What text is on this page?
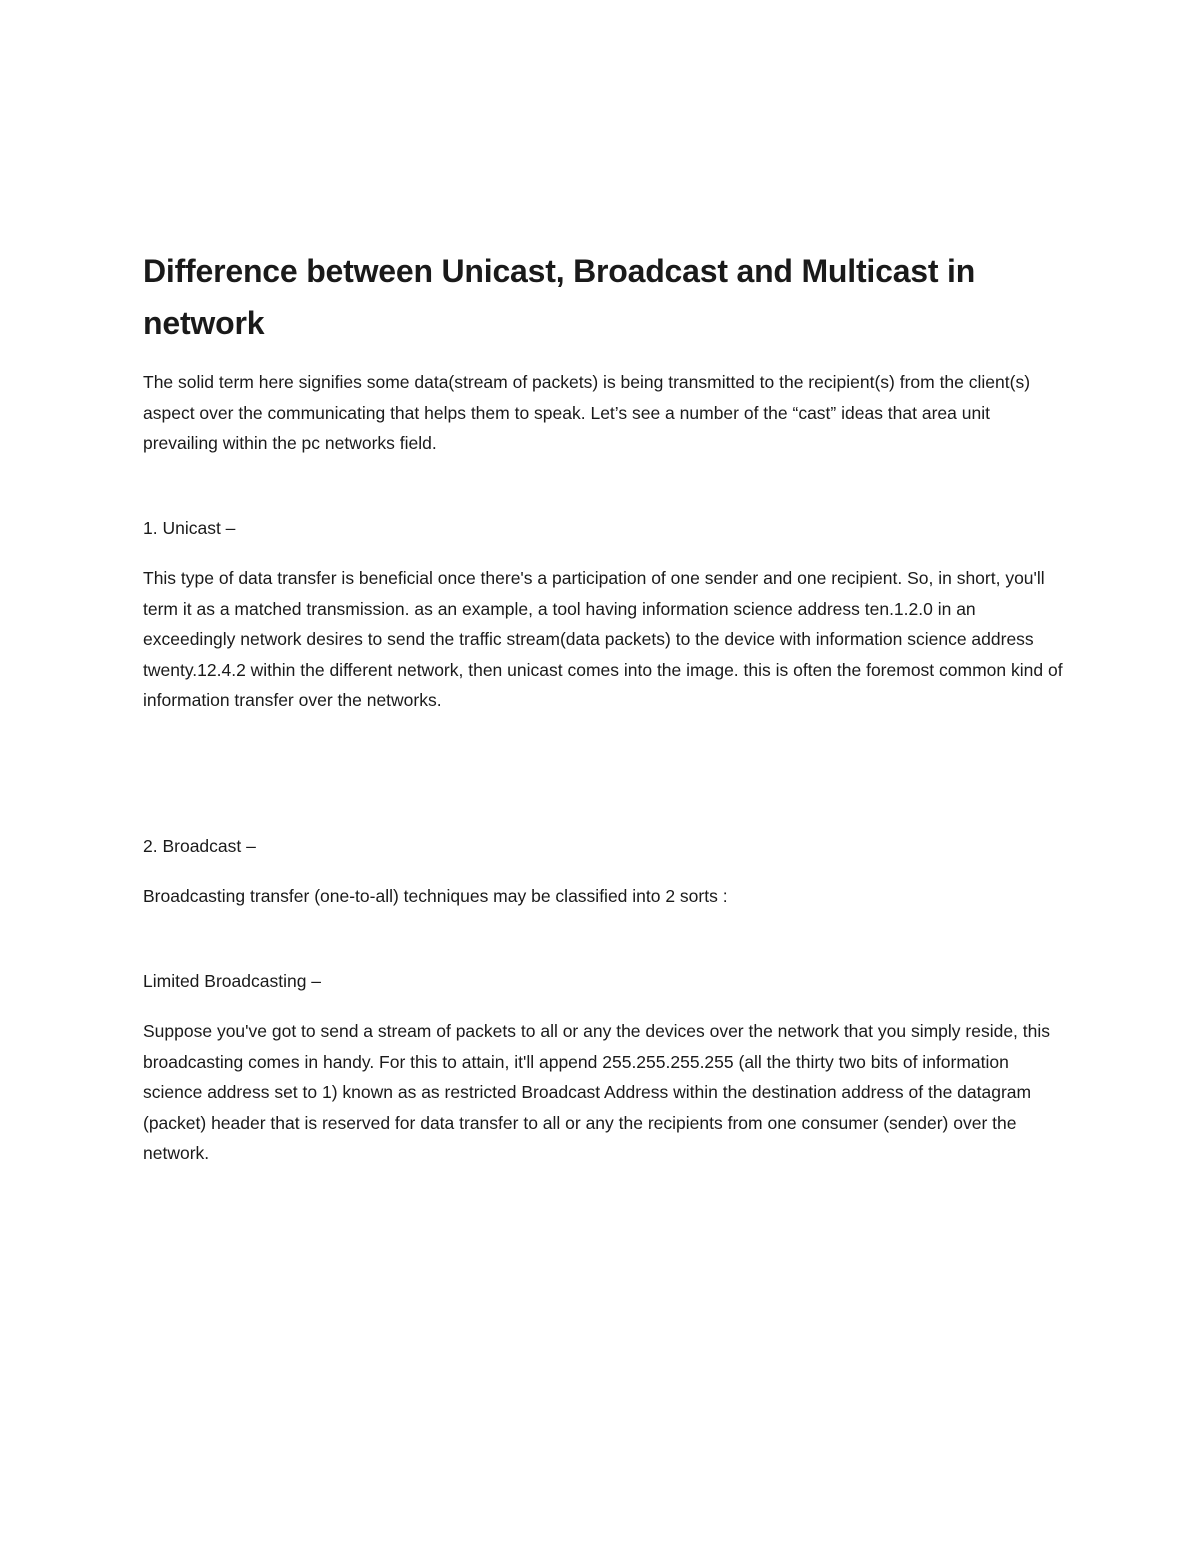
Difference between Unicast, Broadcast and Multicast in network

The solid term here signifies some data(stream of packets) is being transmitted to the recipient(s) from the client(s) aspect over the communicating that helps them to speak. Let’s see a number of the “cast” ideas that area unit prevailing within the pc networks field.

1. Unicast –

This type of data transfer is beneficial once there's a participation of one sender and one recipient. So, in short, you'll term it as a matched transmission. as an example, a tool having information science address ten.1.2.0 in an exceedingly network desires to send the traffic stream(data packets) to the device with information science address twenty.12.4.2 within the different network, then unicast comes into the image. this is often the foremost common kind of information transfer over the networks.

2. Broadcast –

Broadcasting transfer (one-to-all) techniques may be classified into 2 sorts :

Limited Broadcasting –

Suppose you've got to send a stream of packets to all or any the devices over the network that you simply reside, this broadcasting comes in handy. For this to attain, it'll append 255.255.255.255 (all the thirty two bits of information science address set to 1) known as as restricted Broadcast Address within the destination address of the datagram (packet) header that is reserved for data transfer to all or any the recipients from one consumer (sender) over the network.
